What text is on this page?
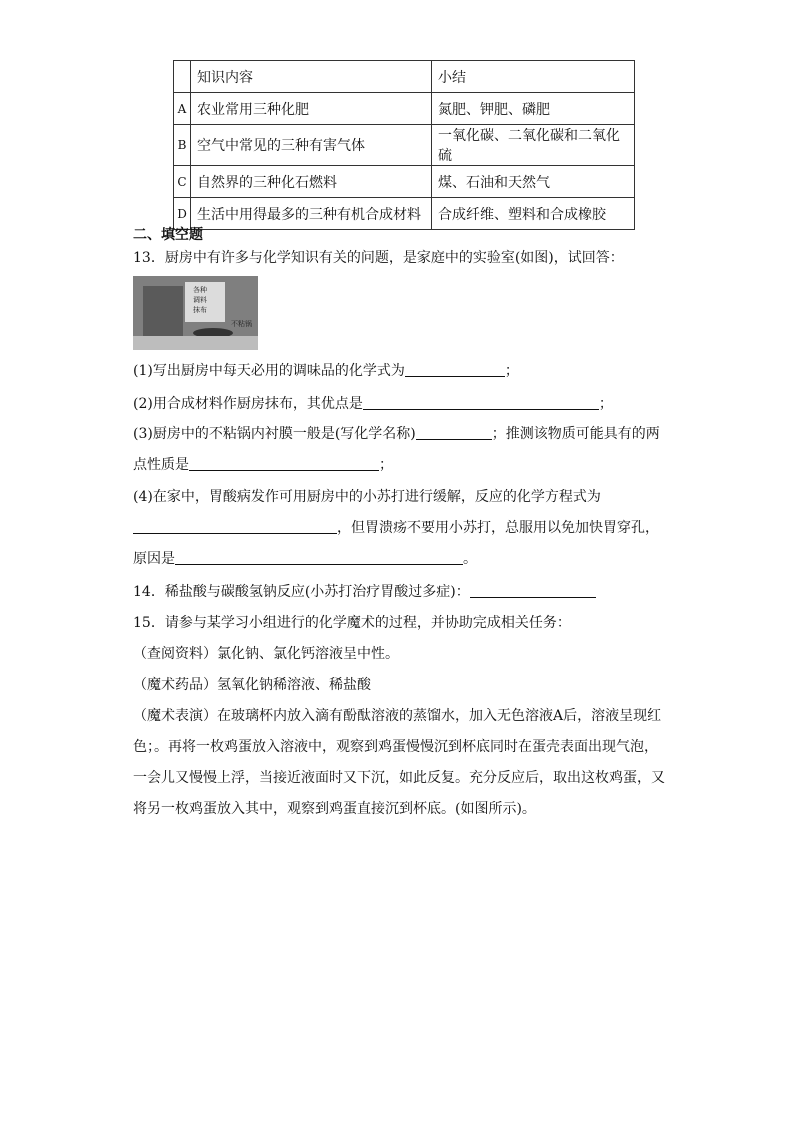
	知识内容	小结
A	农业常用三种化肥	氮肥、钾肥、磷肥
B	空气中常见的三种有害气体	一氧化碳、二氧化碳和二氧化硫
C	自然界的三种化石燃料	煤、石油和天然气
D	生活中用得最多的三种有机合成材料	合成纤维、塑料和合成橡胶
二、填空题
13．厨房中有许多与化学知识有关的问题，是家庭中的实验室(如图)，试回答：
各种
调料
抹布
不粘锅
(1)写出厨房中每天必用的调味品的化学式为	；
(2)用合成材料作厨房抹布，其优点是	；
(3)厨房中的不粘锅内衬膜一般是(写化学名称)	；推测该物质可能具有的两
点性质是	；
(4)在家中，胃酸病发作可用厨房中的小苏打进行缓解，反应的化学方程式为
，但胃溃疡不要用小苏打，总服用以免加快胃穿孔，
原因是	。
14．稀盐酸与碳酸氢钠反应(小苏打治疗胃酸过多症)：
15．请参与某学习小组进行的化学魔术的过程，并协助完成相关任务：
（查阅资料）氯化钠、氯化钙溶液呈中性。
（魔术药品）氢氧化钠稀溶液、稀盐酸
（魔术表演）在玻璃杯内放入滴有酚酞溶液的蒸馏水，加入无色溶液A后，溶液呈现红
色；。再将一枚鸡蛋放入溶液中，观察到鸡蛋慢慢沉到杯底同时在蛋壳表面出现气泡，
一会儿又慢慢上浮，当接近液面时又下沉，如此反复。充分反应后，取出这枚鸡蛋，又
将另一枚鸡蛋放入其中，观察到鸡蛋直接沉到杯底。(如图所示)。
